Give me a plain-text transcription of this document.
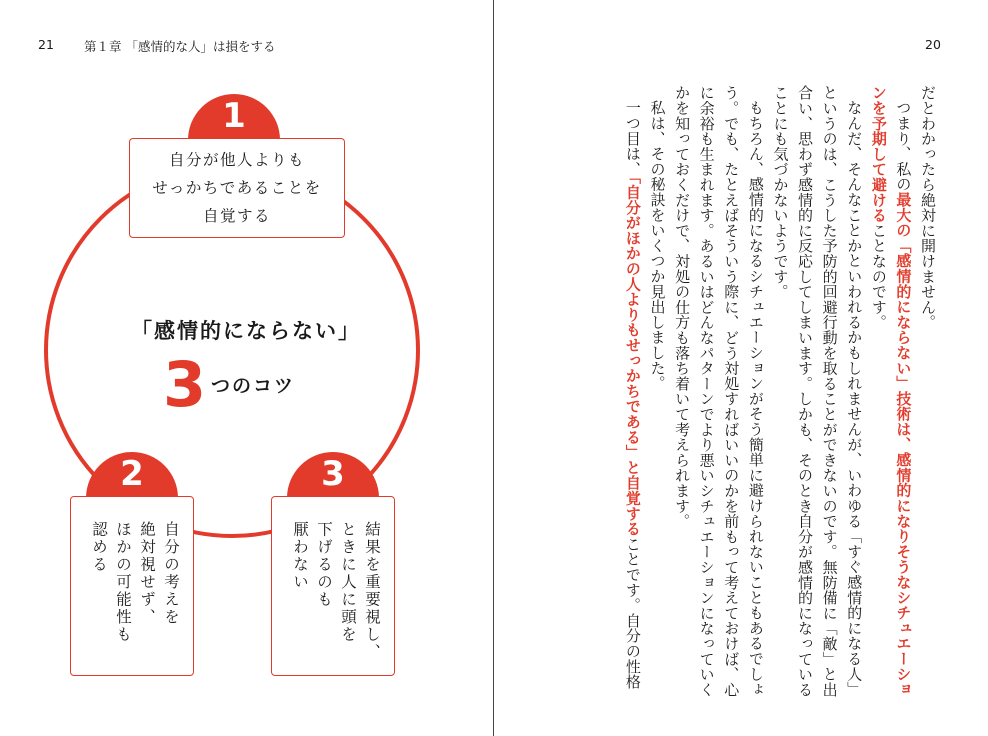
21 第１章 「感情的な人」は損をする	20
1
2	3
自分が他人よりも
せっかちであることを
自覚する
自分の考えを
絶対視せず、
ほかの可能性も
認める	結果を重要視し、
ときに人に頭を
下げるのも
厭わない
「感情的にならない」
3 つのコツ

だとわかったら絶対に開けません。

つまり、私の最大の「感情的にならない」技術は、感情的になりそうなシチュエーションを予期して避けることなのです。

なんだ、そんなことかといわれるかもしれませんが、いわゆる「すぐ感情的になる人」というのは、こうした予防的回避行動を取ることができないのです。無防備に「敵」と出合い、思わず感情的に反応してしまいます。しかも、そのとき自分が感情的になっていることにも気づかないようです。

もちろん、感情的になるシチュエーションがそう簡単に避けられないこともあるでしょう。でも、たとえばそういう際に、どう対処すればいいのかを前もって考えておけば、心に余裕も生まれます。あるいはどんなパターンでより悪いシチュエーションになっていくかを知っておくだけで、対処の仕方も落ち着いて考えられます。

私は、その秘訣をいくつか見出しました。

一つ目は、「自分がほかの人よりもせっかちである」と自覚することです。自分の性格
